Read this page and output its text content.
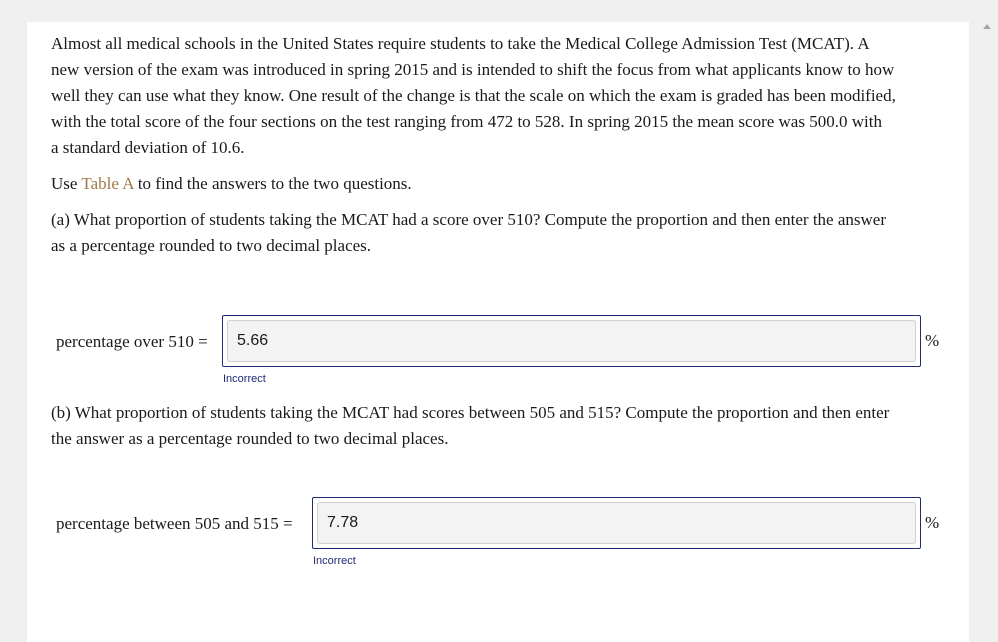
Almost all medical schools in the United States require students to take the Medical College Admission Test (MCAT). A

new version of the exam was introduced in spring 2015 and is intended to shift the focus from what applicants know to how

well they can use what they know. One result of the change is that the scale on which the exam is graded has been modified,

with the total score of the four sections on the test ranging from 472 to 528. In spring 2015 the mean score was 500.0 with

a standard deviation of 10.6.

Use Table A to find the answers to the two questions.

(a) What proportion of students taking the MCAT had a score over 510? Compute the proportion and then enter the answer

as a percentage rounded to two decimal places.

percentage over 510 =	5.66	%
Incorrect

(b) What proportion of students taking the MCAT had scores between 505 and 515? Compute the proportion and then enter

the answer as a percentage rounded to two decimal places.

percentage between 505 and 515 =	7.78	%
Incorrect
